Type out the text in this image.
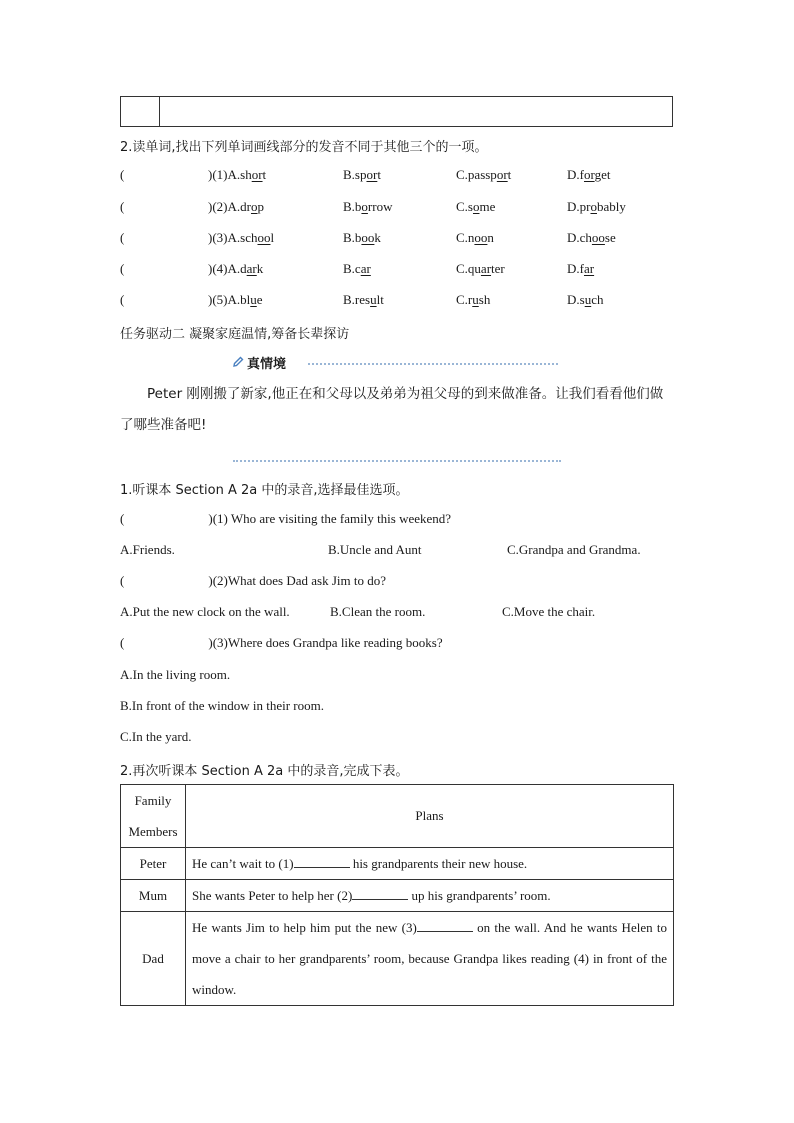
2.读单词,找出下列单词画线部分的发音不同于其他三个的一项。
(	)(1)A.short	B.sport	C.passport	D.forget
(	)(2)A.drop	B.borrow	C.some	D.probably
(	)(3)A.school	B.book	C.noon	D.choose
(	)(4)A.dark	B.car	C.quarter	D.far
(	)(5)A.blue	B.result	C.rush	D.such
任务驱动二 凝聚家庭温情,筹备长辈探访
真情境
Peter 刚刚搬了新家,他正在和父母以及弟弟为祖父母的到来做准备。让我们看看他们做了哪些准备吧!
1.听课本 Section A 2a 中的录音,选择最佳选项。
(	)(1) Who are visiting the family this weekend?
A.Friends.	B.Uncle and Aunt	C.Grandpa and Grandma.
(	)(2)What does Dad ask Jim to do?
A.Put the new clock on the wall.	B.Clean the room.	C.Move the chair.
(	)(3)Where does Grandpa like reading books?
A.In the living room.
B.In front of the window in their room.
C.In the yard.
2.再次听课本 Section A 2a 中的录音,完成下表。
Family Members	Plans
Peter	He can’t wait to (1) his grandparents their new house.
Mum	She wants Peter to help her (2) up his grandparents’ room.
Dad	He wants Jim to help him put the new (3) on the wall. And he wants Helen to move a chair to her grandparents’ room, because Grandpa likes reading (4) in front of the window.
